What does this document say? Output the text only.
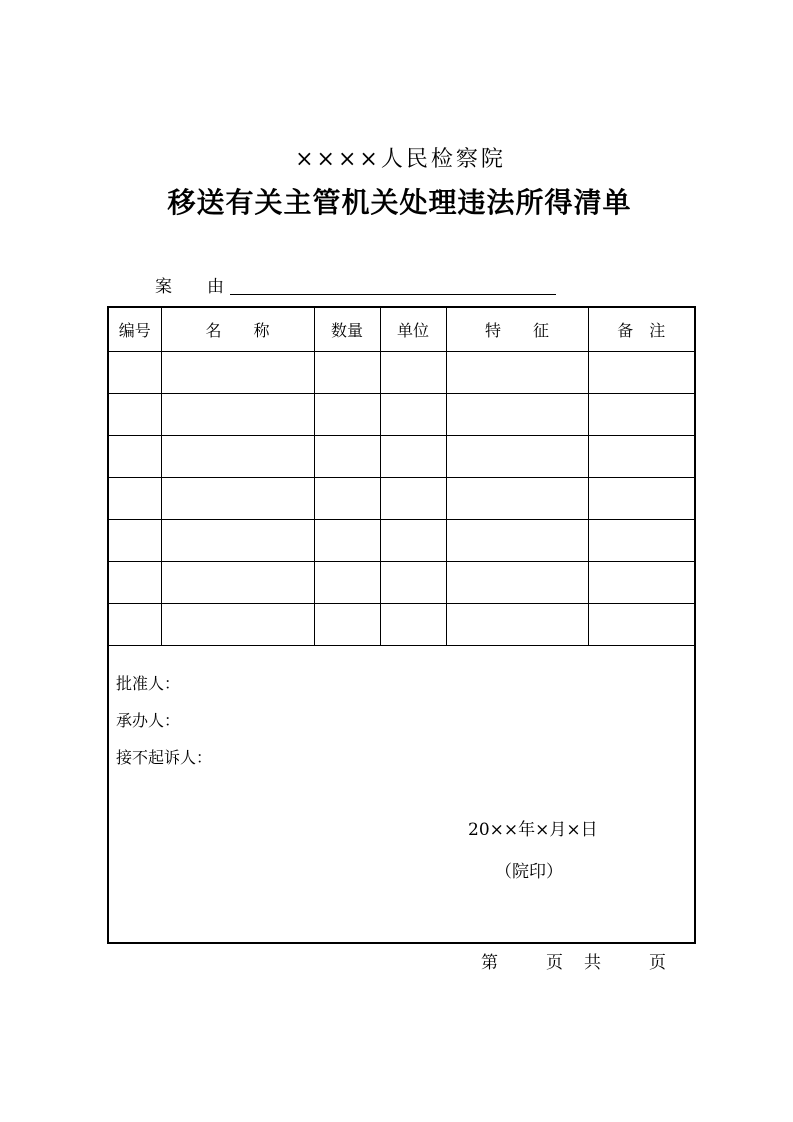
××××人民检察院
移送有关主管机关处理违法所得清单
案　由
编号	名　　称	数量	单位	特　　征	备　注

批准人：
承办人：
接不起诉人：
20××年×月×日
（院印）					
第	页 共	页
